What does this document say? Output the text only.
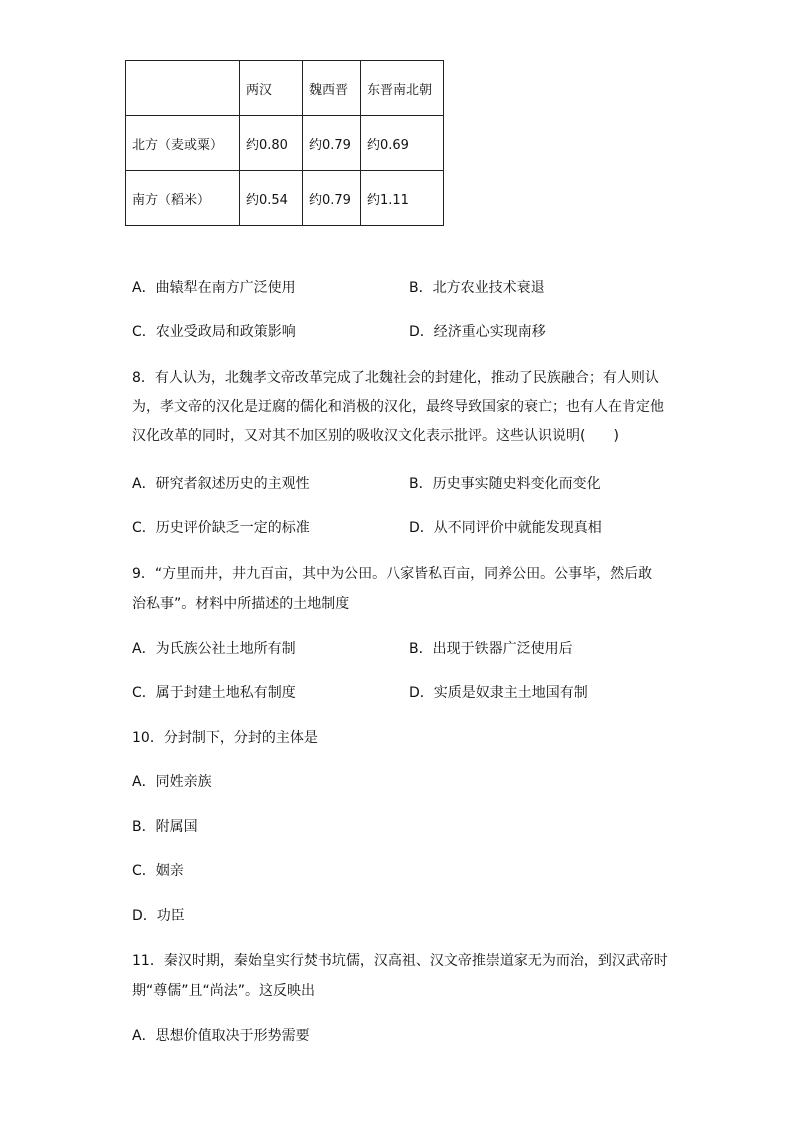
	两汉	魏西晋	东晋南北朝
北方（麦或粟）	约0.80	约0.79	约0.69
南方（稻米）	约0.54	约0.79	约1.11
A．曲辕犁在南方广泛使用	B．北方农业技术衰退
C．农业受政局和政策影响	D．经济重心实现南移
8．有人认为，北魏孝文帝改革完成了北魏社会的封建化，推动了民族融合；有人则认
为，孝文帝的汉化是迂腐的儒化和消极的汉化，最终导致国家的衰亡；也有人在肯定他
汉化改革的同时，又对其不加区别的吸收汉文化表示批评。这些认识说明(　　)
A．研究者叙述历史的主观性	B．历史事实随史料变化而变化
C．历史评价缺乏一定的标准	D．从不同评价中就能发现真相
9．“方里而井，井九百亩，其中为公田。八家皆私百亩，同养公田。公事毕，然后敢
治私事”。材料中所描述的土地制度
A．为氏族公社土地所有制	B．出现于铁器广泛使用后
C．属于封建土地私有制度	D．实质是奴隶主土地国有制
10．分封制下，分封的主体是
A．同姓亲族
B．附属国
C．姻亲
D．功臣
11．秦汉时期，秦始皇实行焚书坑儒，汉高祖、汉文帝推崇道家无为而治，到汉武帝时
期“尊儒”且“尚法”。这反映出
A．思想价值取决于形势需要
